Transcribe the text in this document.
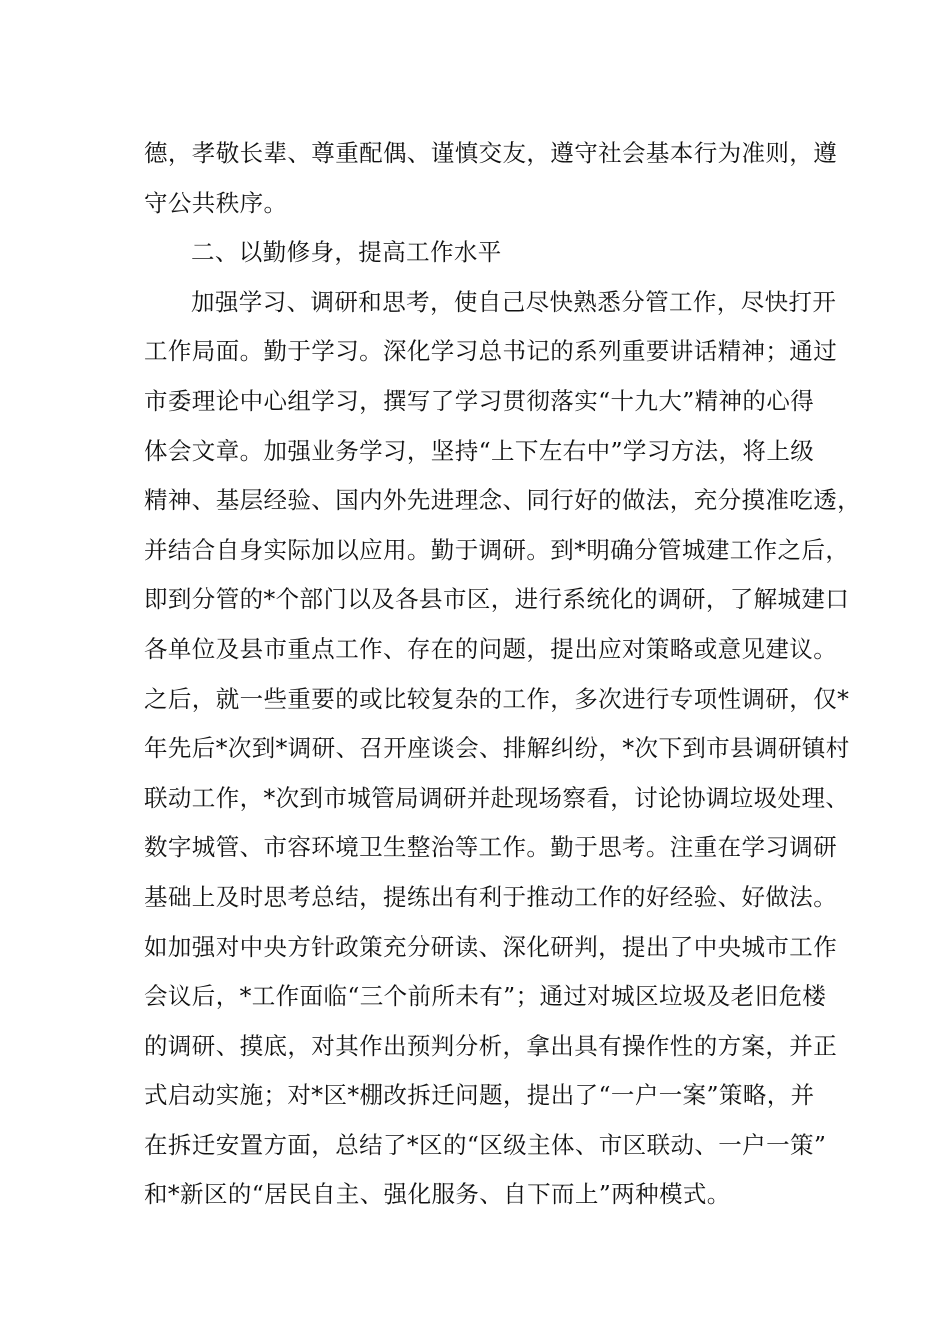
德，孝敬长辈、尊重配偶、谨慎交友，遵守社会基本行为准则，遵
守公共秩序。
二、以勤修身，提高工作水平
加强学习、调研和思考，使自己尽快熟悉分管工作，尽快打开
工作局面。勤于学习。深化学习总书记的系列重要讲话精神；通过
市委理论中心组学习，撰写了学习贯彻落实“十九大”精神的心得
体会文章。加强业务学习，坚持“上下左右中”学习方法，将上级
精神、基层经验、国内外先进理念、同行好的做法，充分摸准吃透，
并结合自身实际加以应用。勤于调研。到*明确分管城建工作之后，
即到分管的*个部门以及各县市区，进行系统化的调研，了解城建口
各单位及县市重点工作、存在的问题，提出应对策略或意见建议。
之后，就一些重要的或比较复杂的工作，多次进行专项性调研，仅*
年先后*次到*调研、召开座谈会、排解纠纷，*次下到市县调研镇村
联动工作，*次到市城管局调研并赴现场察看，讨论协调垃圾处理、
数字城管、市容环境卫生整治等工作。勤于思考。注重在学习调研
基础上及时思考总结，提练出有利于推动工作的好经验、好做法。
如加强对中央方针政策充分研读、深化研判，提出了中央城市工作
会议后，*工作面临“三个前所未有”；通过对城区垃圾及老旧危楼
的调研、摸底，对其作出预判分析，拿出具有操作性的方案，并正
式启动实施；对*区*棚改拆迁问题，提出了“一户一案”策略，并
在拆迁安置方面，总结了*区的“区级主体、市区联动、一户一策”
和*新区的“居民自主、强化服务、自下而上”两种模式。
